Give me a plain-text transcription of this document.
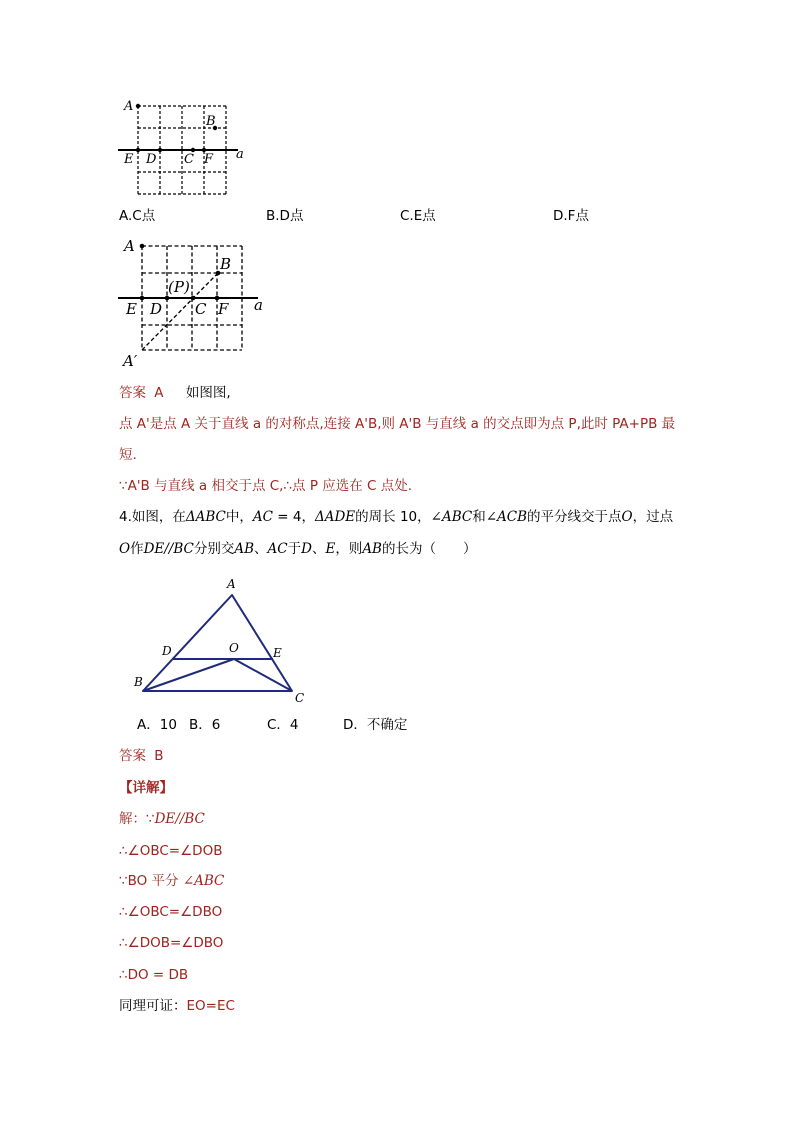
A
B
E D C F a
A.C点	B.D点	C.E点	D.F点
A
B
(P)
E D C F a
A′
答案 A 如图图,
点 A'是点 A 关于直线 a 的对称点,连接 A'B,则 A'B 与直线 a 的交点即为点 P,此时 PA+PB 最
短.
∵A'B 与直线 a 相交于点 C,∴点 P 应选在 C 点处.
4.如图，在ΔABC中，AC = 4，ΔADE的周长 10，∠ABC和∠ACB的平分线交于点O，过点
O作DE//BC分别交AB、AC于D、E，则AB的长为（　　）
A
D	O	E
B
C
A．10 B．6	C．4	D．不确定
答案 B
【详解】
解：∵DE//BC
∴∠OBC=∠DOB
∵BO 平分 ∠ABC
∴∠OBC=∠DBO
∴∠DOB=∠DBO
∴DO = DB
同理可证：EO=EC
